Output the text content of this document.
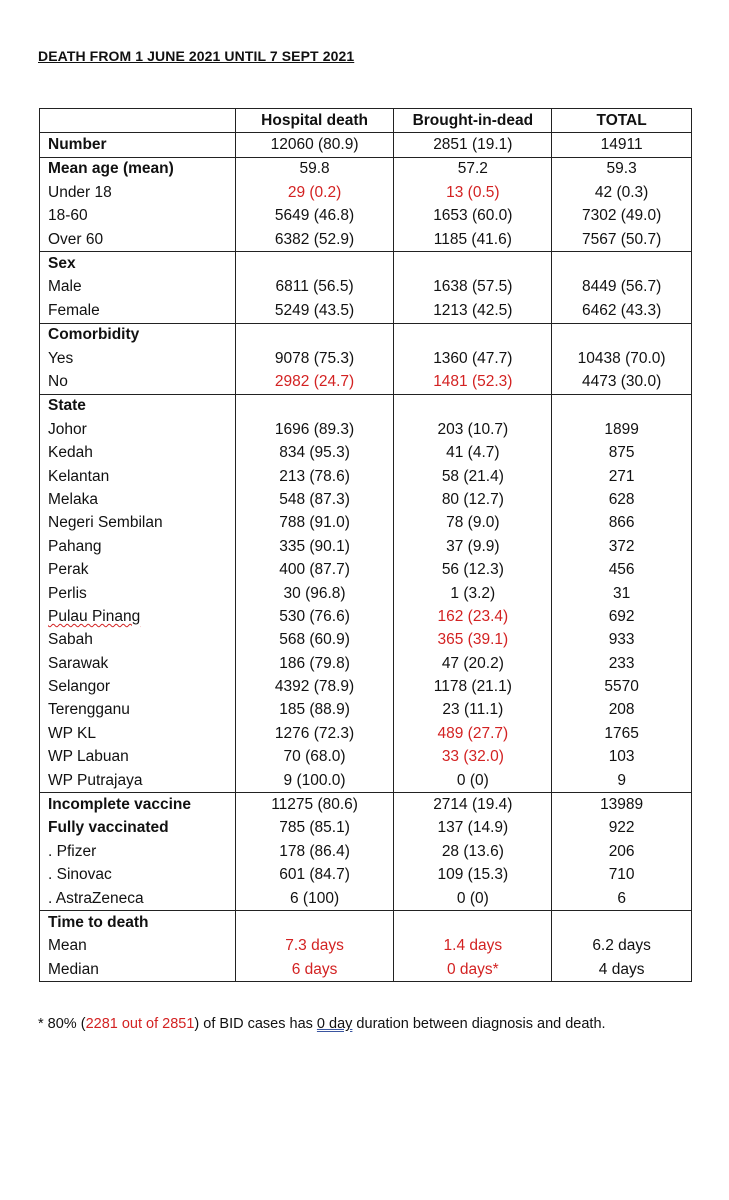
DEATH FROM 1 JUNE 2021 UNTIL 7 SEPT 2021
	Hospital death	Brought-in-dead	TOTAL
Number	12060 (80.9)	2851 (19.1)	14911
Mean age (mean)	59.8	57.2	59.3
Under 18	29 (0.2)	13 (0.5)	42 (0.3)
18-60	5649 (46.8)	1653 (60.0)	7302 (49.0)
Over 60	6382 (52.9)	1185 (41.6)	7567 (50.7)
Sex			
Male	6811 (56.5)	1638 (57.5)	8449 (56.7)
Female	5249 (43.5)	1213 (42.5)	6462 (43.3)
Comorbidity			
Yes	9078 (75.3)	1360 (47.7)	10438 (70.0)
No	2982 (24.7)	1481 (52.3)	4473 (30.0)
State			
Johor	1696 (89.3)	203 (10.7)	1899
Kedah	834 (95.3)	41 (4.7)	875
Kelantan	213 (78.6)	58 (21.4)	271
Melaka	548 (87.3)	80 (12.7)	628
Negeri Sembilan	788 (91.0)	78 (9.0)	866
Pahang	335 (90.1)	37 (9.9)	372
Perak	400 (87.7)	56 (12.3)	456
Perlis	30 (96.8)	1 (3.2)	31
Pulau Pinang	530 (76.6)	162 (23.4)	692
Sabah	568 (60.9)	365 (39.1)	933
Sarawak	186 (79.8)	47 (20.2)	233
Selangor	4392 (78.9)	1178 (21.1)	5570
Terengganu	185 (88.9)	23 (11.1)	208
WP KL	1276 (72.3)	489 (27.7)	1765
WP Labuan	70 (68.0)	33 (32.0)	103
WP Putrajaya	9 (100.0)	0 (0)	9
Incomplete vaccine	11275 (80.6)	2714 (19.4)	13989
Fully vaccinated	785 (85.1)	137 (14.9)	922
. Pfizer	178 (86.4)	28 (13.6)	206
. Sinovac	601 (84.7)	109 (15.3)	710
. AstraZeneca	6 (100)	0 (0)	6
Time to death			
Mean	7.3 days	1.4 days	6.2 days
Median	6 days	0 days*	4 days
* 80% (2281 out of 2851) of BID cases has 0 day duration between diagnosis and death.
